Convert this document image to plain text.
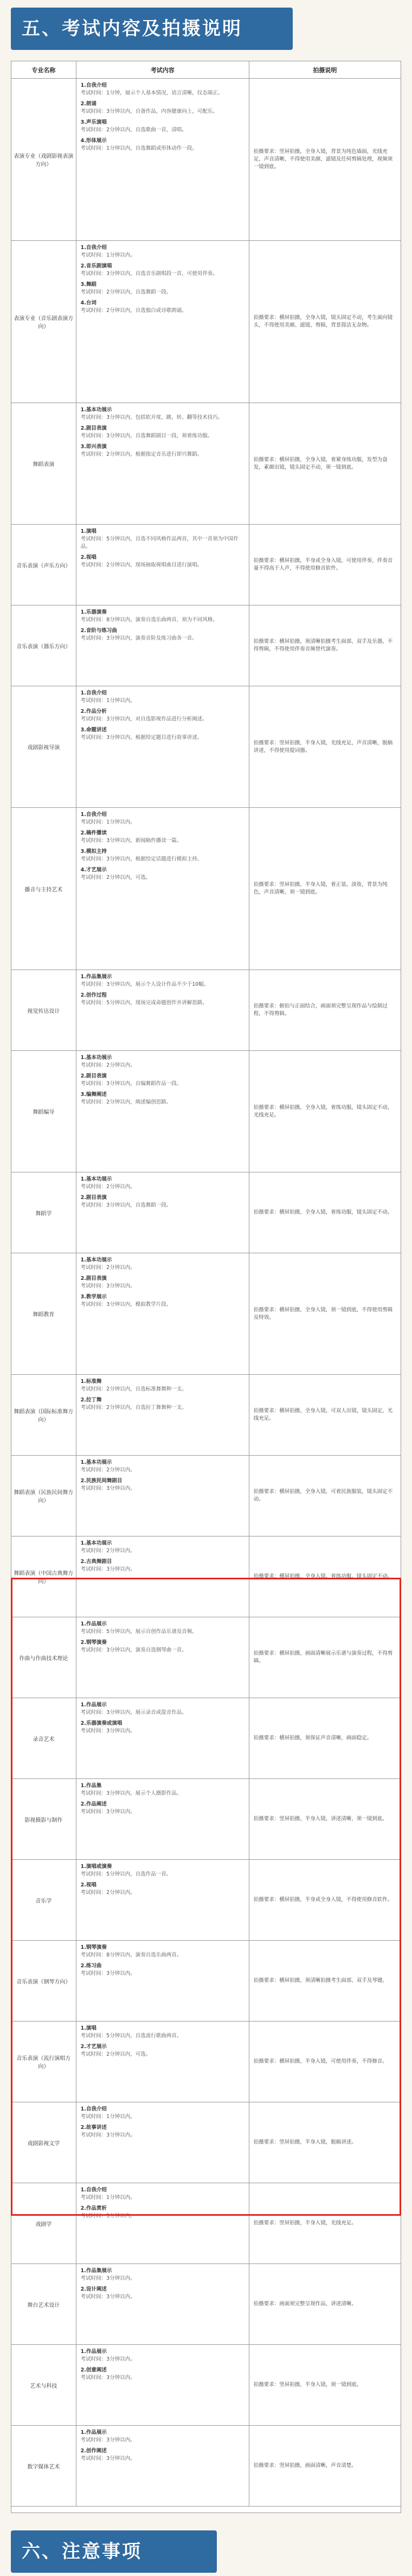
五、考试内容及拍摄说明
专业名称	考试内容	拍摄说明
表演专业（戏剧影视表演方向）
1.自我介绍
考试时间：1分钟，展示个人基本情况，语言清晰，仪态端正。
2.朗诵
考试时间：3分钟以内，自备作品，内容健康向上，可配乐。
3.声乐演唱
考试时间：2分钟以内，自选歌曲一首，清唱。
4.形体展示
考试时间：1分钟以内，自选舞蹈或形体动作一段。
拍摄要求：竖屏拍摄，全身入镜，背景为纯色墙面，光线充足，声音清晰，不得使用美颜、滤镜及任何剪辑处理，视频须一镜到底。
表演专业（音乐剧表演方向）
1.自我介绍
考试时间：1分钟以内。
2.音乐剧演唱
考试时间：3分钟以内，自选音乐剧唱段一首，可使用伴奏。
3.舞蹈
考试时间：2分钟以内，自选舞蹈一段。
4.台词
考试时间：2分钟以内，自选独白或诗歌朗诵。
拍摄要求：横屏拍摄，全身入镜，镜头固定不动，考生面向镜头，不得使用美颜、滤镜、剪辑，背景简洁无杂物。
舞蹈表演
1.基本功展示
考试时间：3分钟以内，包括软开度、跳、转、翻等技术技巧。
2.剧目表演
考试时间：3分钟以内，自选舞蹈剧目一段，须着练功服。
3.即兴表演
考试时间：2分钟以内，根据指定音乐进行即兴舞蹈。
拍摄要求：横屏拍摄，全身入镜，着紧身练功服，发型为盘发，素颜出镜，镜头固定不动，须一镜到底。
音乐表演（声乐方向）
1.演唱
考试时间：5分钟以内，自选不同风格作品两首，其中一首须为中国作品。
2.视唱
考试时间：2分钟以内，现场抽取视唱曲目进行演唱。
拍摄要求：横屏拍摄，半身或全身入镜，可使用伴奏，伴奏音量不得高于人声，不得使用修音软件。
音乐表演（器乐方向）
1.乐器演奏
考试时间：8分钟以内，演奏自选乐曲两首，须为不同风格。
2.音阶与练习曲
考试时间：3分钟以内，演奏音阶及练习曲各一首。
拍摄要求：横屏拍摄，须清晰拍摄考生面部、双手及乐器，不得剪辑，不得使用伴奏音频替代演奏。
戏剧影视导演
1.自我介绍
考试时间：1分钟以内。
2.作品分析
考试时间：3分钟以内，对自选影视作品进行分析阐述。
3.命题讲述
考试时间：3分钟以内，根据给定题目进行故事讲述。
拍摄要求：竖屏拍摄，半身入镜，光线充足，声音清晰，脱稿讲述，不得使用提词器。
播音与主持艺术
1.自我介绍
考试时间：1分钟以内。
2.稿件播读
考试时间：3分钟以内，新闻稿件播读一篇。
3.模拟主持
考试时间：3分钟以内，根据给定话题进行模拟主持。
4.才艺展示
考试时间：2分钟以内，可选。
拍摄要求：竖屏拍摄，半身入镜，着正装，淡妆，背景为纯色，声音清晰，须一镜到底。
视觉传达设计
1.作品集展示
考试时间：3分钟以内，展示个人设计作品不少于10幅。
2.创作过程
考试时间：5分钟以内，现场完成命题创作并讲解思路。
拍摄要求：俯拍与正面结合，画面须完整呈现作品与绘制过程，不得剪辑。
舞蹈编导
1.基本功展示
考试时间：2分钟以内。
2.剧目表演
考试时间：3分钟以内，自编舞蹈作品一段。
3.编舞阐述
考试时间：2分钟以内，阐述编创思路。
拍摄要求：横屏拍摄，全身入镜，着练功服，镜头固定不动，光线充足。
舞蹈学
1.基本功展示
考试时间：2分钟以内。
2.剧目表演
考试时间：3分钟以内，自选舞蹈一段。
拍摄要求：横屏拍摄，全身入镜，着练功服，镜头固定不动。
舞蹈教育
1.基本功展示
考试时间：2分钟以内。
2.剧目表演
考试时间：3分钟以内。
3.教学展示
考试时间：3分钟以内，模拟教学片段。
拍摄要求：横屏拍摄，全身入镜，须一镜到底，不得使用剪辑及特效。
舞蹈表演（国际标准舞方向）
1.标准舞
考试时间：2分钟以内，自选标准舞舞种一支。
2.拉丁舞
考试时间：2分钟以内，自选拉丁舞舞种一支。
拍摄要求：横屏拍摄，全身入镜，可双人出镜，镜头固定，光线充足。
舞蹈表演（民族民间舞方向）
1.基本功展示
考试时间：2分钟以内。
2.民族民间舞剧目
考试时间：3分钟以内。
拍摄要求：横屏拍摄，全身入镜，可着民族服装，镜头固定不动。
舞蹈表演（中国古典舞方向）
1.基本功展示
考试时间：2分钟以内。
2.古典舞剧目
考试时间：3分钟以内。
拍摄要求：横屏拍摄，全身入镜，着练功服，镜头固定不动。
作曲与作曲技术理论
1.作品展示
考试时间：5分钟以内，展示自创作品乐谱及音频。
2.钢琴演奏
考试时间：3分钟以内，演奏自选钢琴曲一首。
拍摄要求：横屏拍摄，画面清晰展示乐谱与演奏过程，不得剪辑。
录音艺术
1.作品展示
考试时间：3分钟以内，展示录音或混音作品。
2.乐器演奏或演唱
考试时间：3分钟以内。
拍摄要求：横屏拍摄，须保证声音清晰，画面稳定。
影视摄影与制作
1.作品集
考试时间：3分钟以内，展示个人摄影作品。
2.作品阐述
考试时间：3分钟以内。
拍摄要求：竖屏拍摄，半身入镜，讲述清晰，须一镜到底。
音乐学
1.演唱或演奏
考试时间：5分钟以内，自选作品一首。
2.视唱
考试时间：2分钟以内。
拍摄要求：横屏拍摄，半身或全身入镜，不得使用修音软件。
音乐表演（钢琴方向）
1.钢琴演奏
考试时间：8分钟以内，演奏自选乐曲两首。
2.练习曲
考试时间：3分钟以内。
拍摄要求：横屏拍摄，须清晰拍摄考生面部、双手及琴键。
音乐表演（流行演唱方向）
1.演唱
考试时间：5分钟以内，自选流行歌曲两首。
2.才艺展示
考试时间：2分钟以内，可选。
拍摄要求：横屏拍摄，半身入镜，可使用伴奏，不得修音。
戏剧影视文学
1.自我介绍
考试时间：1分钟以内。
2.故事讲述
考试时间：3分钟以内。
拍摄要求：竖屏拍摄，半身入镜，脱稿讲述。
戏剧学
1.自我介绍
考试时间：1分钟以内。
2.作品赏析
考试时间：3分钟以内。
拍摄要求：竖屏拍摄，半身入镜，光线充足。
舞台艺术设计
1.作品集展示
考试时间：3分钟以内。
2.设计阐述
考试时间：3分钟以内。
拍摄要求：画面须完整呈现作品，讲述清晰。
艺术与科技
1.作品展示
考试时间：3分钟以内。
2.创意阐述
考试时间：3分钟以内。
拍摄要求：竖屏拍摄，半身入镜，须一镜到底。
数字媒体艺术
1.作品展示
考试时间：3分钟以内。
2.创作阐述
考试时间：3分钟以内。
拍摄要求：竖屏拍摄，画面清晰，声音清楚。
六、注意事项
